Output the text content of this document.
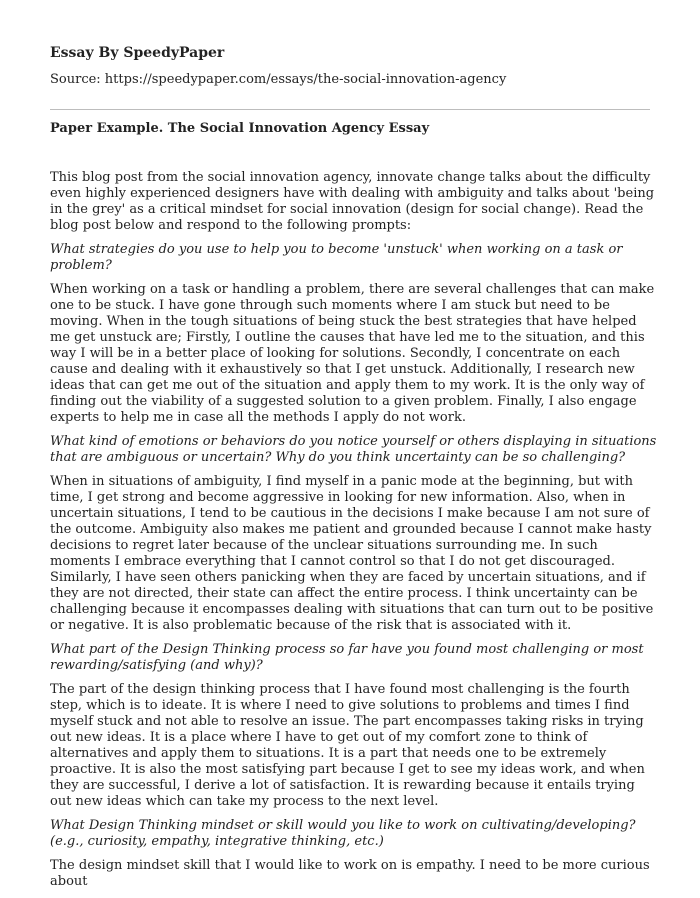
Essay By SpeedyPaper

Source: https://speedypaper.com/essays/the-social-innovation-agency

Paper Example. The Social Innovation Agency Essay

This blog post from the social innovation agency, innovate change talks about the difficulty even highly experienced designers have with dealing with ambiguity and talks about 'being in the grey' as a critical mindset for social innovation (design for social change). Read the blog post below and respond to the following prompts:

What strategies do you use to help you to become 'unstuck' when working on a task or problem?

When working on a task or handling a problem, there are several challenges that can make one to be stuck. I have gone through such moments where I am stuck but need to be moving. When in the tough situations of being stuck the best strategies that have helped me get unstuck are; Firstly, I outline the causes that have led me to the situation, and this way I will be in a better place of looking for solutions. Secondly, I concentrate on each cause and dealing with it exhaustively so that I get unstuck. Additionally, I research new ideas that can get me out of the situation and apply them to my work. It is the only way of finding out the viability of a suggested solution to a given problem. Finally, I also engage experts to help me in case all the methods I apply do not work.

What kind of emotions or behaviors do you notice yourself or others displaying in situations that are ambiguous or uncertain? Why do you think uncertainty can be so challenging?

When in situations of ambiguity, I find myself in a panic mode at the beginning, but with time, I get strong and become aggressive in looking for new information. Also, when in uncertain situations, I tend to be cautious in the decisions I make because I am not sure of the outcome. Ambiguity also makes me patient and grounded because I cannot make hasty decisions to regret later because of the unclear situations surrounding me. In such moments I embrace everything that I cannot control so that I do not get discouraged. Similarly, I have seen others panicking when they are faced by uncertain situations, and if they are not directed, their state can affect the entire process. I think uncertainty can be challenging because it encompasses dealing with situations that can turn out to be positive or negative. It is also problematic because of the risk that is associated with it.

What part of the Design Thinking process so far have you found most challenging or most rewarding/satisfying (and why)?

The part of the design thinking process that I have found most challenging is the fourth step, which is to ideate. It is where I need to give solutions to problems and times I find myself stuck and not able to resolve an issue. The part encompasses taking risks in trying out new ideas. It is a place where I have to get out of my comfort zone to think of alternatives and apply them to situations. It is a part that needs one to be extremely proactive. It is also the most satisfying part because I get to see my ideas work, and when they are successful, I derive a lot of satisfaction. It is rewarding because it entails trying out new ideas which can take my process to the next level.

What Design Thinking mindset or skill would you like to work on cultivating/developing? (e.g., curiosity, empathy, integrative thinking, etc.)

The design mindset skill that I would like to work on is empathy. I need to be more curious about
